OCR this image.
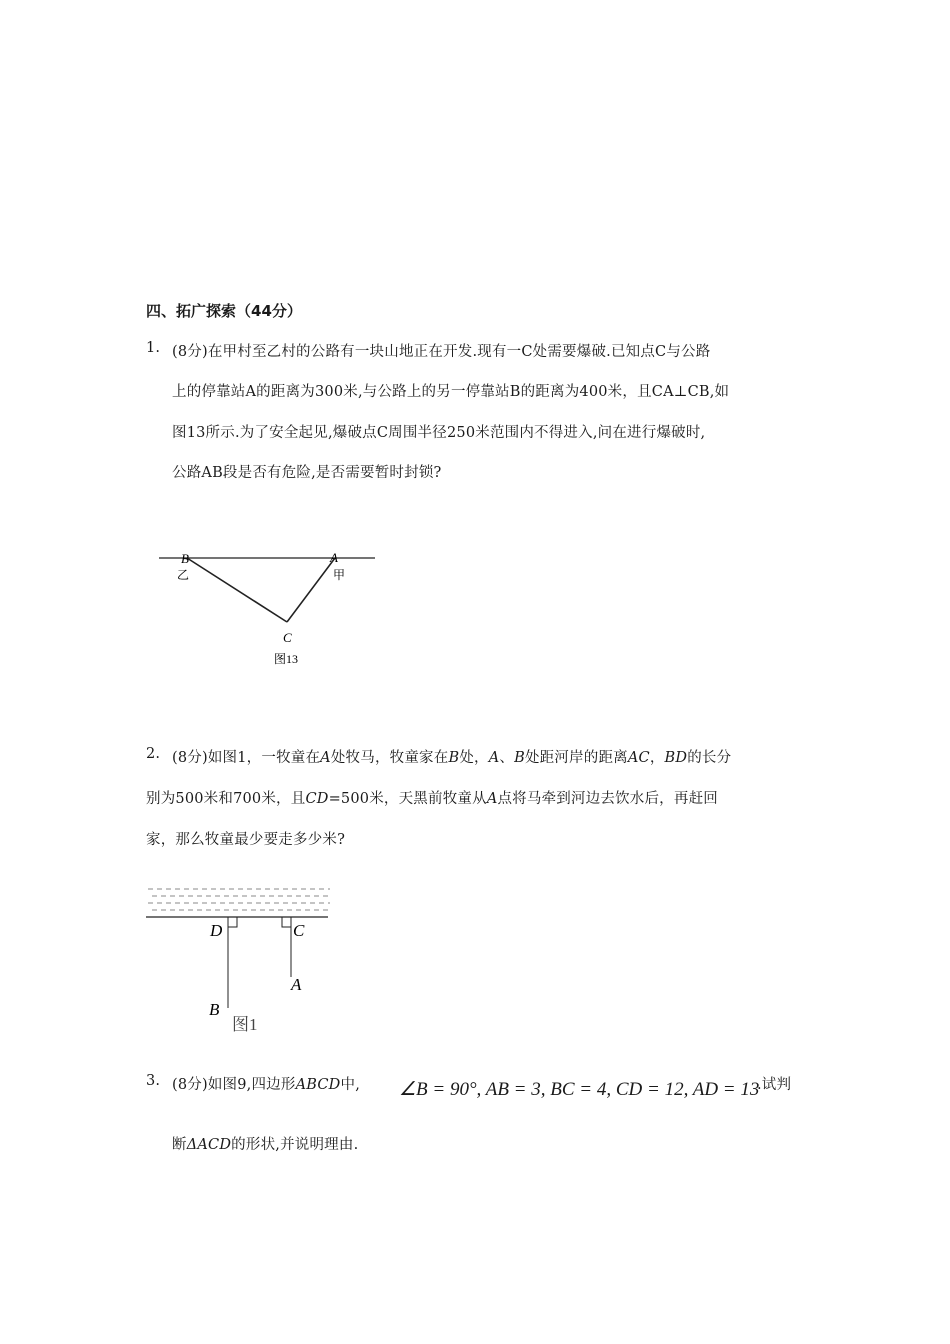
四、拓广探索（44分）
1. (8分)在甲村至乙村的公路有一块山地正在开发.现有一C处需要爆破.已知点C与公路
上的停靠站A的距离为300米,与公路上的另一停靠站B的距离为400米，且CA⊥CB,如
图13所示.为了安全起见,爆破点C周围半径250米范围内不得进入,问在进行爆破时,
公路AB段是否有危险,是否需要暂时封锁?
B	A
C
乙	甲
图13
2. (8分)如图1，一牧童在A处牧马，牧童家在B处，A、B处距河岸的距离AC，BD的长分
别为500米和700米，且CD=500米，天黑前牧童从A点将马牵到河边去饮水后，再赶回
家，那么牧童最少要走多少米?
D	C
A
B
图1
3. (8分)如图9,四边形ABCD中, ∠B = 90°, AB = 3, BC = 4, CD = 12, AD = 13
.试判
断ΔACD的形状,并说明理由.
